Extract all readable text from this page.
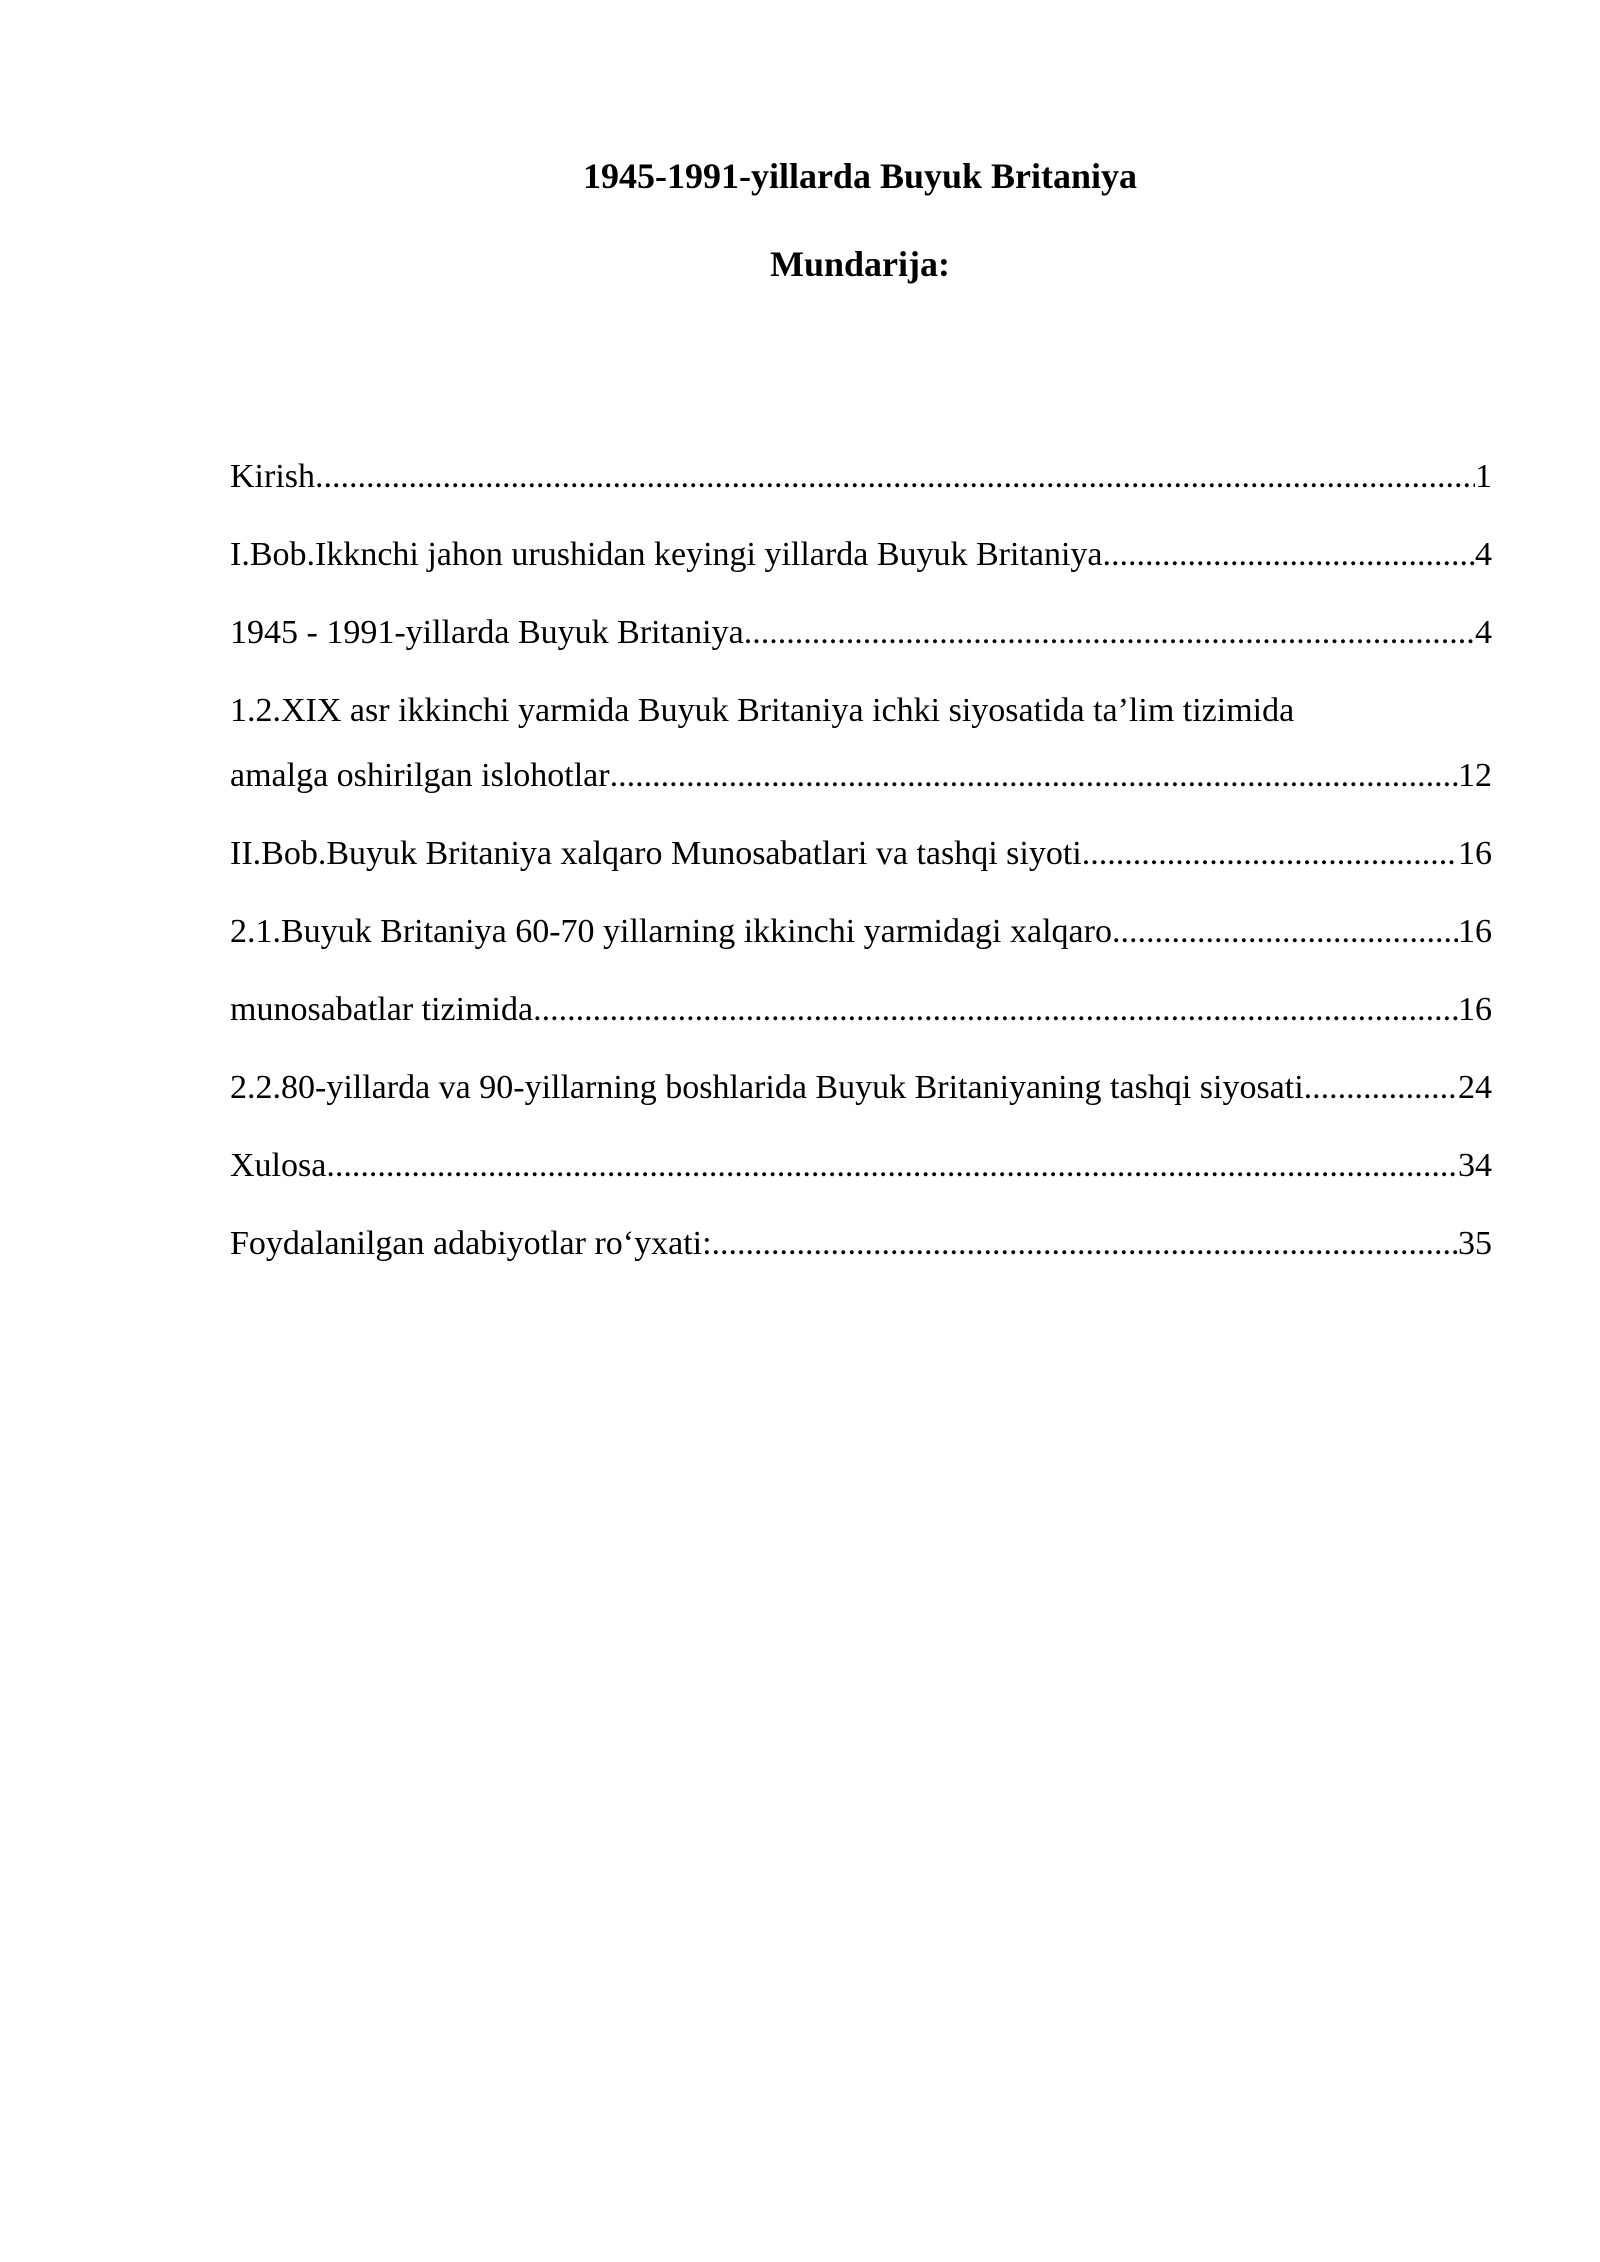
1945-1991-yillarda Buyuk Britaniya
Mundarija:
Kirish .....	1
I.Bob.Ikknchi jahon urushidan keyingi yillarda Buyuk Britaniya .....	4
1945 - 1991-yillarda Buyuk Britaniya .....	4
1.2.XIX asr ikkinchi yarmida Buyuk Britaniya ichki siyosatida ta’lim tizimida
amalga oshirilgan islohotlar .....	12
II.Bob.Buyuk Britaniya xalqaro Munosabatlari va tashqi siyoti .....	16
2.1.Buyuk Britaniya 60-70 yillarning ikkinchi yarmidagi xalqaro .....	16
munosabatlar tizimida .....	16
2.2.80-yillarda va 90-yillarning boshlarida Buyuk Britaniyaning tashqi siyosati .....	24
Xulosa .....	34
Foydalanilgan adabiyotlar ro‘yxati: .....	35
